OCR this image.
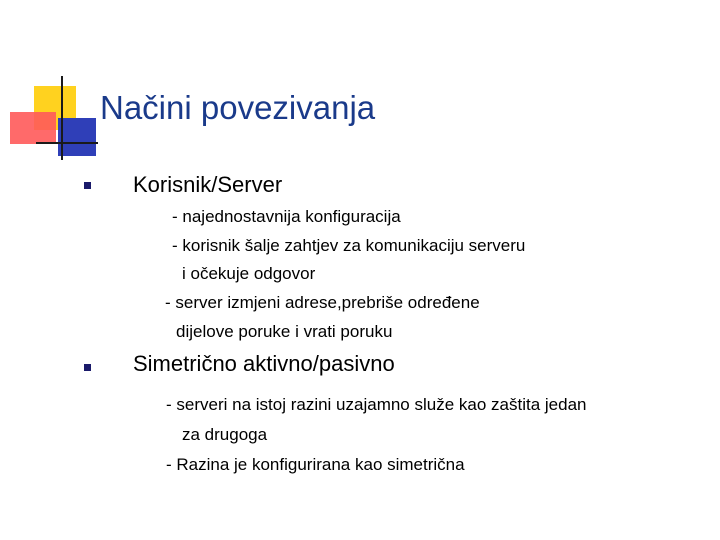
Načini povezivanja
Korisnik/Server
- najednostavnija konfiguracija
- korisnik šalje zahtjev za komunikaciju serveru
i očekuje odgovor
- server izmjeni adrese,prebriše određene
dijelove poruke i vrati poruku
Simetrično aktivno/pasivno
- serveri na istoj razini uzajamno služe kao zaštita jedan
za drugoga
- Razina je konfigurirana kao simetrična
